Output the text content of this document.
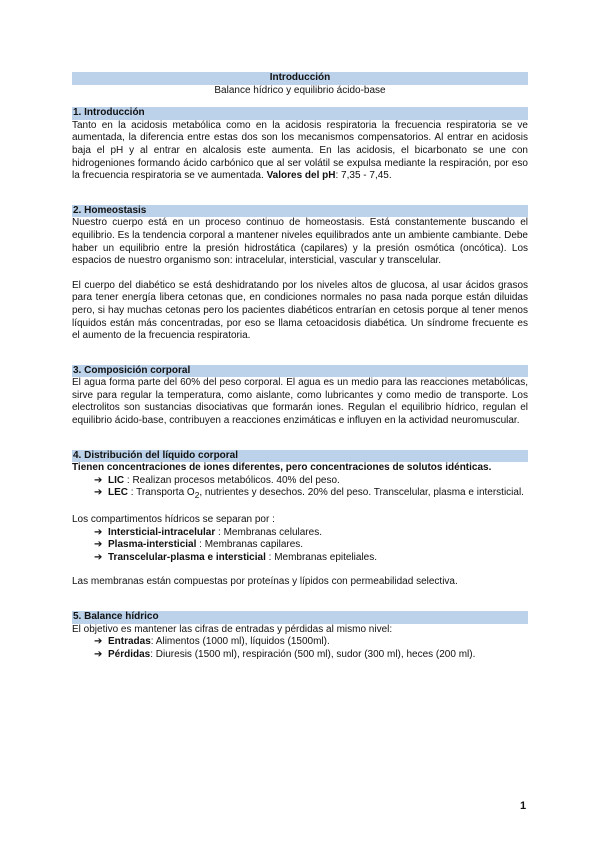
Introducción
Balance hídrico y equilibrio ácido-base
1. Introducción

Tanto en la acidosis metabólica como en la acidosis respiratoria la frecuencia respiratoria se ve aumentada, la diferencia entre estas dos son los mecanismos compensatorios. Al entrar en acidosis baja el pH y al entrar en alcalosis este aumenta. En las acidosis, el bicarbonato se une con hidrogeniones formando ácido carbónico que al ser volátil se expulsa mediante la respiración, por eso la frecuencia respiratoria se ve aumentada. Valores del pH: 7,35 - 7,45.

2. Homeostasis

Nuestro cuerpo está en un proceso continuo de homeostasis. Está constantemente buscando el equilibrio. Es la tendencia corporal a mantener niveles equilibrados ante un ambiente cambiante. Debe haber un equilibrio entre la presión hidrostática (capilares) y la presión osmótica (oncótica). Los espacios de nuestro organismo son: intracelular, intersticial, vascular y transcelular.

El cuerpo del diabético se está deshidratando por los niveles altos de glucosa, al usar ácidos grasos para tener energía libera cetonas que, en condiciones normales no pasa nada porque están diluidas pero, si hay muchas cetonas pero los pacientes diabéticos entrarían en cetosis porque al tener menos líquidos están más concentradas, por eso se llama cetoacidosis diabética. Un síndrome frecuente es el aumento de la frecuencia respiratoria.

3. Composición corporal

El agua forma parte del 60% del peso corporal. El agua es un medio para las reacciones metabólicas, sirve para regular la temperatura, como aislante, como lubricantes y como medio de transporte. Los electrolitos son sustancias disociativas que formarán iones. Regulan el equilibrio hídrico, regulan el equilibrio ácido-base, contribuyen a reacciones enzimáticas e influyen en la actividad neuromuscular.

4. Distribución del líquido corporal

Tienen concentraciones de iones diferentes, pero concentraciones de solutos idénticas.

➔ LIC : Realizan procesos metabólicos. 40% del peso.
➔ LEC : Transporta $O_2$, nutrientes y desechos. 20% del peso. Transcelular, plasma e intersticial.

Los compartimentos hídricos se separan por :

➔ Intersticial-intracelular : Membranas celulares.
➔ Plasma-intersticial : Membranas capilares.
➔ Transcelular-plasma e intersticial : Membranas epiteliales.

Las membranas están compuestas por proteínas y lípidos con permeabilidad selectiva.

5. Balance hídrico

El objetivo es mantener las cifras de entradas y pérdidas al mismo nivel:

➔ Entradas: Alimentos (1000 ml), líquidos (1500ml).
➔ Pérdidas: Diuresis (1500 ml), respiración (500 ml), sudor (300 ml), heces (200 ml).
1
